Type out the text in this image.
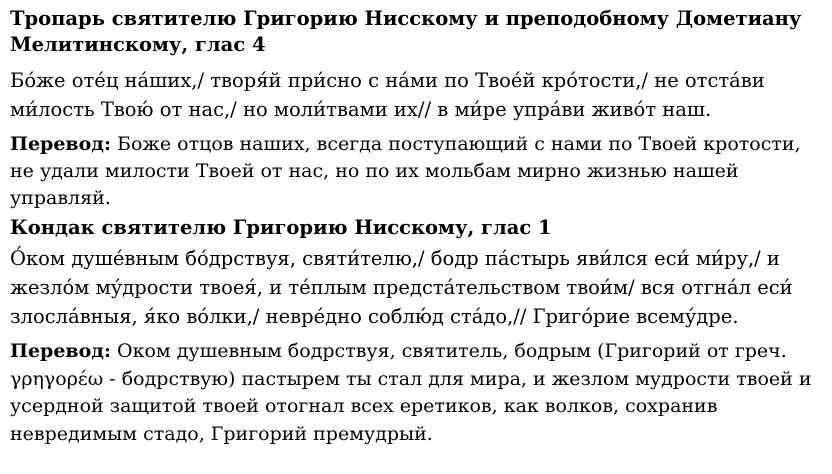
Тропарь святителю Григорию Нисскому и преподобному Дометиану Мелитинскому, глас 4

Бо́же оте́ц на́ших,/ творя́й при́сно с на́ми по Твое́й кро́тости,/ не отста́ви ми́лость Твою́ от нас,/ но моли́твами их// в ми́ре упра́ви живо́т наш.

Перевод: Боже отцов наших, всегда поступающий с нами по Твоей кротости, не удали милости Твоей от нас, но по их мольбам мирно жизнью нашей управляй.

Кондак святителю Григорию Нисскому, глас 1

О́ком душе́вным бо́дрствуя, святи́телю,/ бодр па́стырь яви́лся еси́ ми́ру,/ и жезло́м му́дрости твоея́, и те́плым предста́тельством твои́м/ вся отгна́л еси́ злосла́вныя, я́ко во́лки,/ невре́дно соблю́д ста́до,// Григо́рие всему́дре.

Перевод: Оком душевным бодрствуя, святитель, бодрым (Григорий от греч. γρηγορέω - бодрствую) пастырем ты стал для мира, и жезлом мудрости твоей и усердной защитой твоей отогнал всех еретиков, как волков, сохранив невредимым стадо, Григорий премудрый.
